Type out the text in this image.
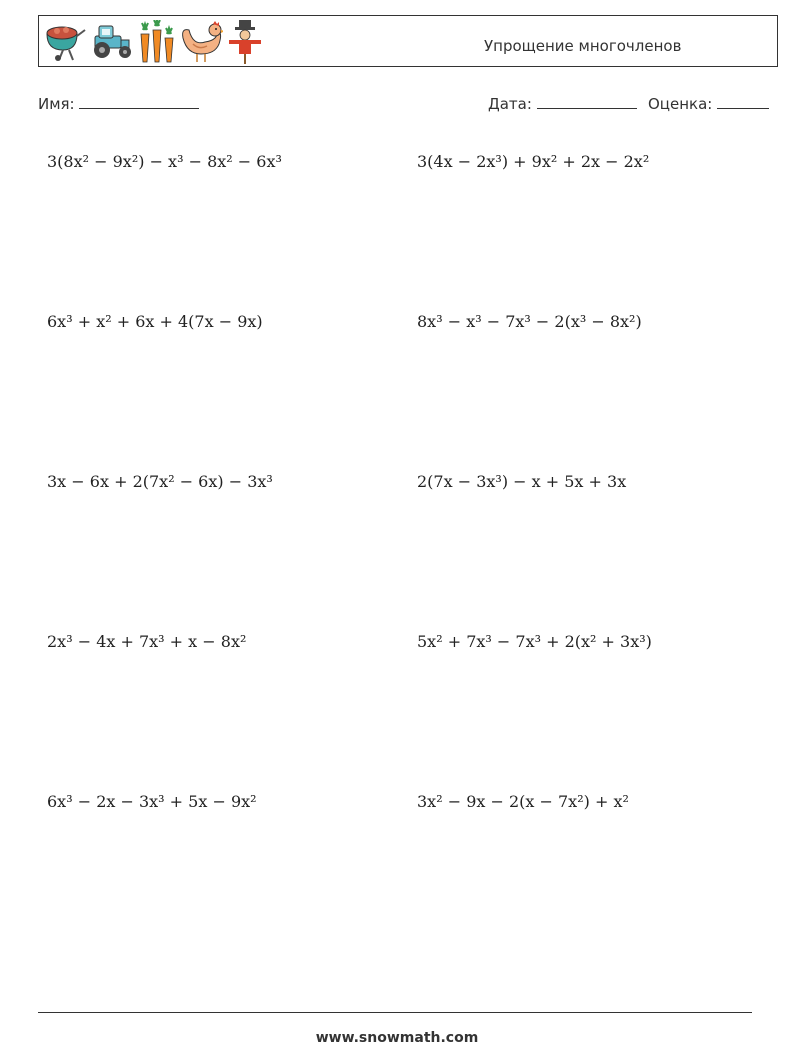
Упрощение многочленов
Имя:	Дата:	Оценка:
3(8x² − 9x²) − x³ − 8x² − 6x³	3(4x − 2x³) + 9x² + 2x − 2x²
6x³ + x² + 6x + 4(7x − 9x)	8x³ − x³ − 7x³ − 2(x³ − 8x²)
3x − 6x + 2(7x² − 6x) − 3x³	2(7x − 3x³) − x + 5x + 3x
2x³ − 4x + 7x³ + x − 8x²	5x² + 7x³ − 7x³ + 2(x² + 3x³)
6x³ − 2x − 3x³ + 5x − 9x²	3x² − 9x − 2(x − 7x²) + x²
www.snowmath.com
